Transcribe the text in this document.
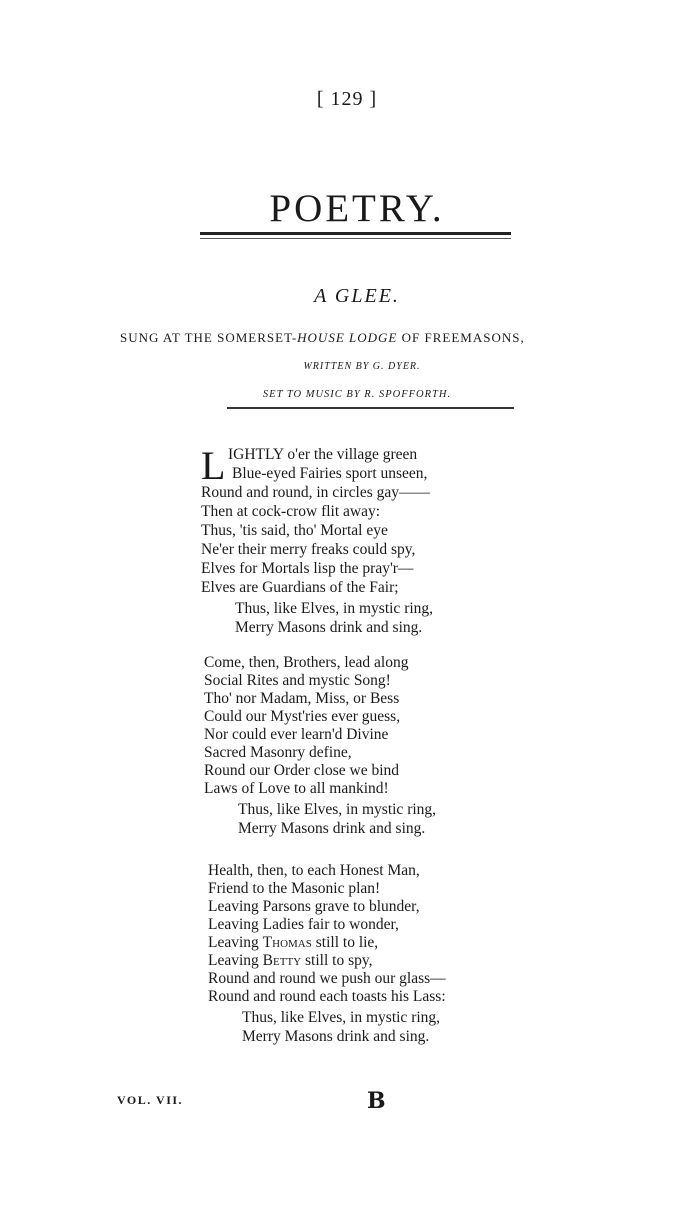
[ 129 ]
POETRY.
A GLEE.
SUNG AT THE SOMERSET-HOUSE LODGE OF FREEMASONS,
WRITTEN BY G. DYER.
SET TO MUSIC BY R. SPOFFORTH.
L IGHTLY o'er the village green
Blue-eyed Fairies sport unseen,
Round and round, in circles gay——
Then at cock-crow flit away:
Thus, 'tis said, tho' Mortal eye
Ne'er their merry freaks could spy,
Elves for Mortals lisp the pray'r—
Elves are Guardians of the Fair;
Thus, like Elves, in mystic ring,
Merry Masons drink and sing.
Come, then, Brothers, lead along
Social Rites and mystic Song!
Tho' nor Madam, Miss, or Bess
Could our Myst'ries ever guess,
Nor could ever learn'd Divine
Sacred Masonry define,
Round our Order close we bind
Laws of Love to all mankind!
Thus, like Elves, in mystic ring,
Merry Masons drink and sing.
Health, then, to each Honest Man,
Friend to the Masonic plan!
Leaving Parsons grave to blunder,
Leaving Ladies fair to wonder,
Leaving Thomas still to lie,
Leaving Betty still to spy,
Round and round we push our glass—
Round and round each toasts his Lass:
Thus, like Elves, in mystic ring,
Merry Masons drink and sing.
VOL. VII.	B
